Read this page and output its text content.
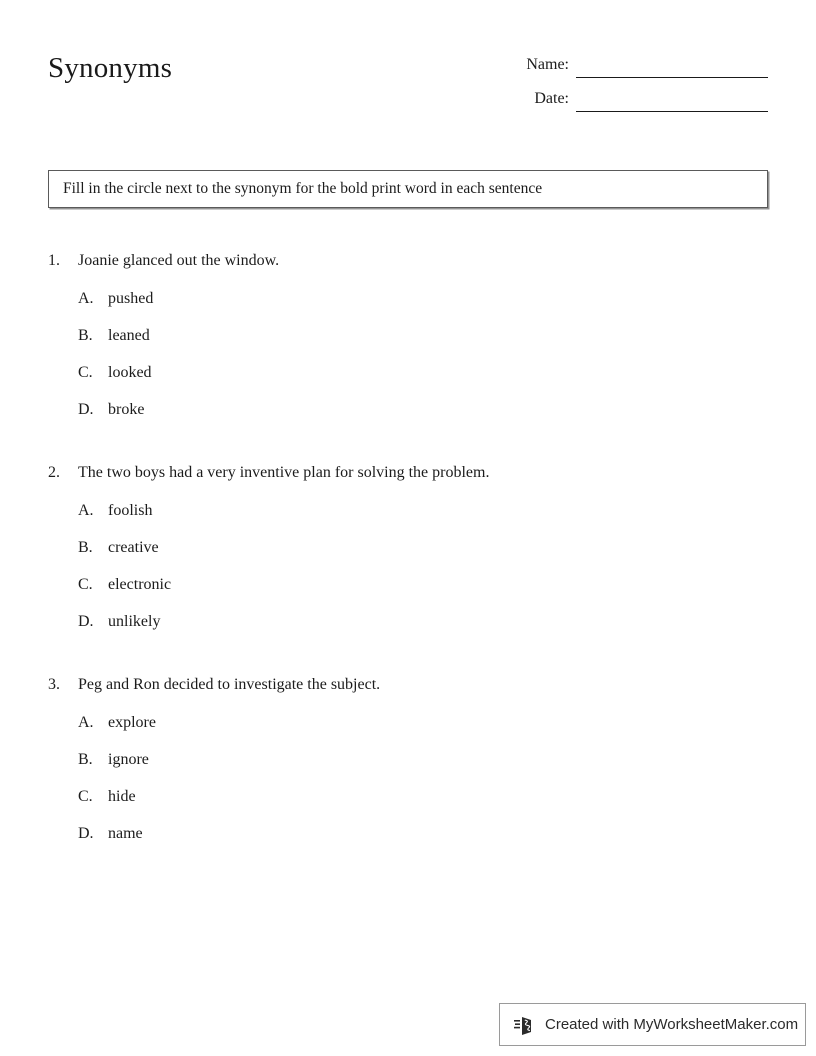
Synonyms	Name:
Date:
Fill in the circle next to the synonym for the bold print word in each sentence
1.	Joanie glanced out the window.
A. pushed
B. leaned
C. looked
D. broke
2.	The two boys had a very inventive plan for solving the problem.
A. foolish
B. creative
C. electronic
D. unlikely
3.	Peg and Ron decided to investigate the subject.
A. explore
B. ignore
C. hide
D. name
Created with MyWorksheetMaker.com
